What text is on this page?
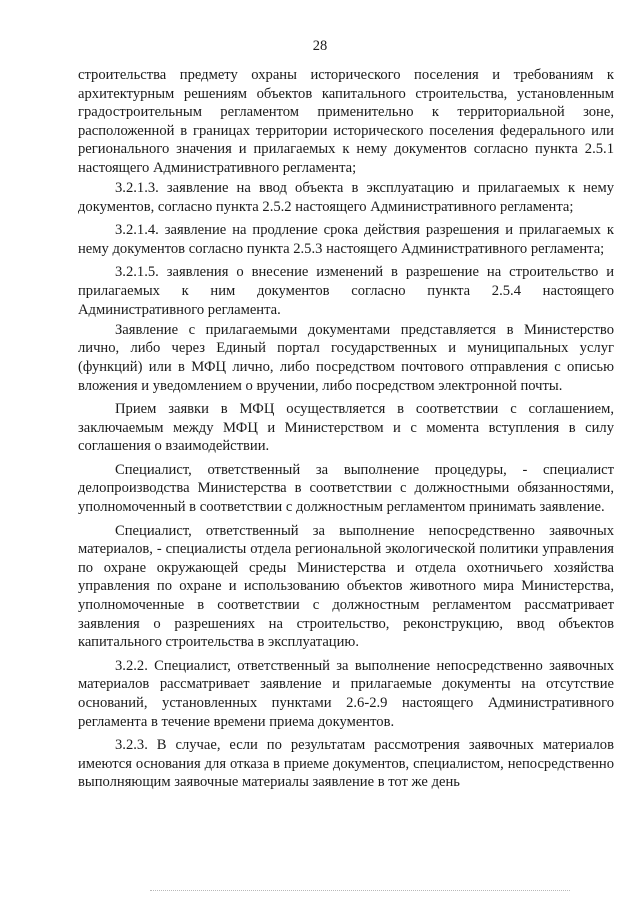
28

строительства предмету охраны исторического поселения и требованиям к архитектурным решениям объектов капитального строительства, установленным градостроительным регламентом применительно к территориальной зоне, расположенной в границах территории исторического поселения федерального или регионального значения и прилагаемых к нему документов согласно пункта 2.5.1 настоящего Административного регламента;

3.2.1.3. заявление на ввод объекта в эксплуатацию и прилагаемых к нему документов, согласно пункта 2.5.2 настоящего Административного регламента;

3.2.1.4. заявление на продление срока действия разрешения и прилагаемых к нему документов согласно пункта 2.5.3 настоящего Административного регламента;

3.2.1.5. заявления о внесение изменений в разрешение на строительство и прилагаемых к ним документов согласно пункта 2.5.4 настоящего Административного регламента.

Заявление с прилагаемыми документами представляется в Министерство лично, либо через Единый портал государственных и муниципальных услуг (функций) или в МФЦ лично, либо посредством почтового отправления с описью вложения и уведомлением о вручении, либо посредством электронной почты.

Прием заявки в МФЦ осуществляется в соответствии с соглашением, заключаемым между МФЦ и Министерством и с момента вступления в силу соглашения о взаимодействии.

Специалист, ответственный за выполнение процедуры, - специалист делопроизводства Министерства в соответствии с должностными обязанностями, уполномоченный в соответствии с должностным регламентом принимать заявление.

Специалист, ответственный за выполнение непосредственно заявочных материалов, - специалисты отдела региональной экологической политики управления по охране окружающей среды Министерства и отдела охотничьего хозяйства управления по охране и использованию объектов животного мира Министерства, уполномоченные в соответствии с должностным регламентом рассматривает заявления о разрешениях на строительство, реконструкцию, ввод объектов капитального строительства в эксплуатацию.

3.2.2. Специалист, ответственный за выполнение непосредственно заявочных материалов рассматривает заявление и прилагаемые документы на отсутствие оснований, установленных пунктами 2.6-2.9 настоящего Административного регламента в течение времени приема документов.

3.2.3. В случае, если по результатам рассмотрения заявочных материалов имеются основания для отказа в приеме документов, специалистом, непосредственно выполняющим заявочные материалы заявление в тот же день
